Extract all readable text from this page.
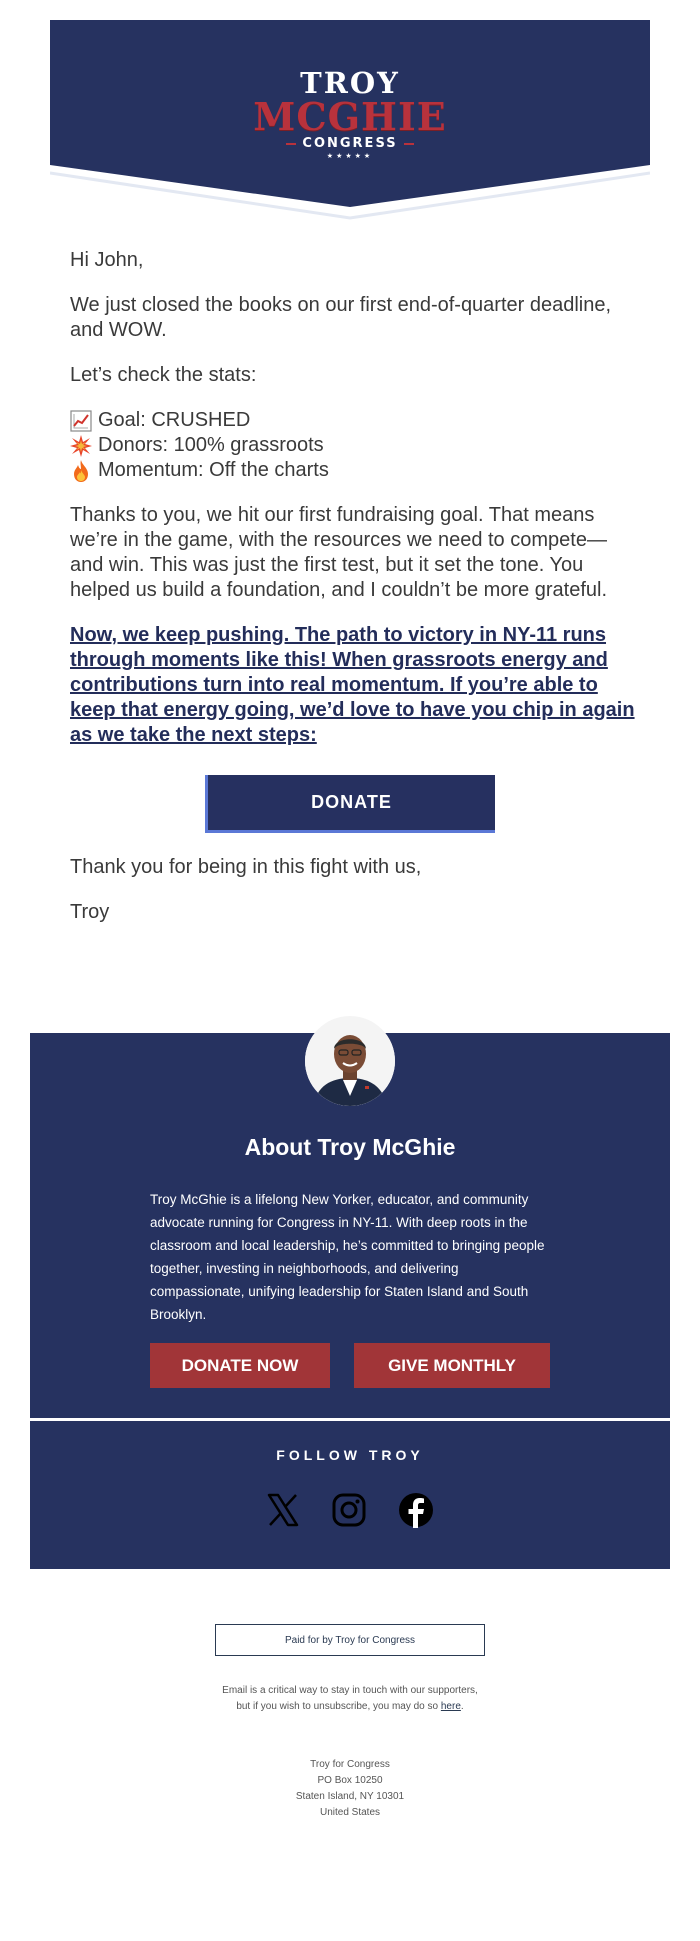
TROY
MCGHIE
CONGRESS
★★★★★

Hi John,

We just closed the books on our first end-of-quarter deadline, and WOW.

Let’s check the stats:

Goal: CRUSHED
Donors: 100% grassroots
Momentum: Off the charts

Thanks to you, we hit our first fundraising goal. That means we’re in the game, with the resources we need to compete—and win. This was just the first test, but it set the tone. You helped us build a foundation, and I couldn’t be more grateful.

Now, we keep pushing. The path to victory in NY-11 runs through moments like this! When grassroots energy and contributions turn into real momentum. If you’re able to keep that energy going, we’d love to have you chip in again as we take the next steps:
DONATE

Thank you for being in this fight with us,

Troy

About Troy McGhie
Troy McGhie is a lifelong New Yorker, educator, and community advocate running for Congress in NY-11. With deep roots in the classroom and local leadership, he’s committed to bringing people together, investing in neighborhoods, and delivering compassionate, unifying leadership for Staten Island and South Brooklyn.
DONATE NOW	GIVE MONTHLY
FOLLOW TROY
Paid for by Troy for Congress
Email is a critical way to stay in touch with our supporters, but if you wish to unsubscribe, you may do so here.
Troy for Congress
PO Box 10250
Staten Island, NY 10301
United States
